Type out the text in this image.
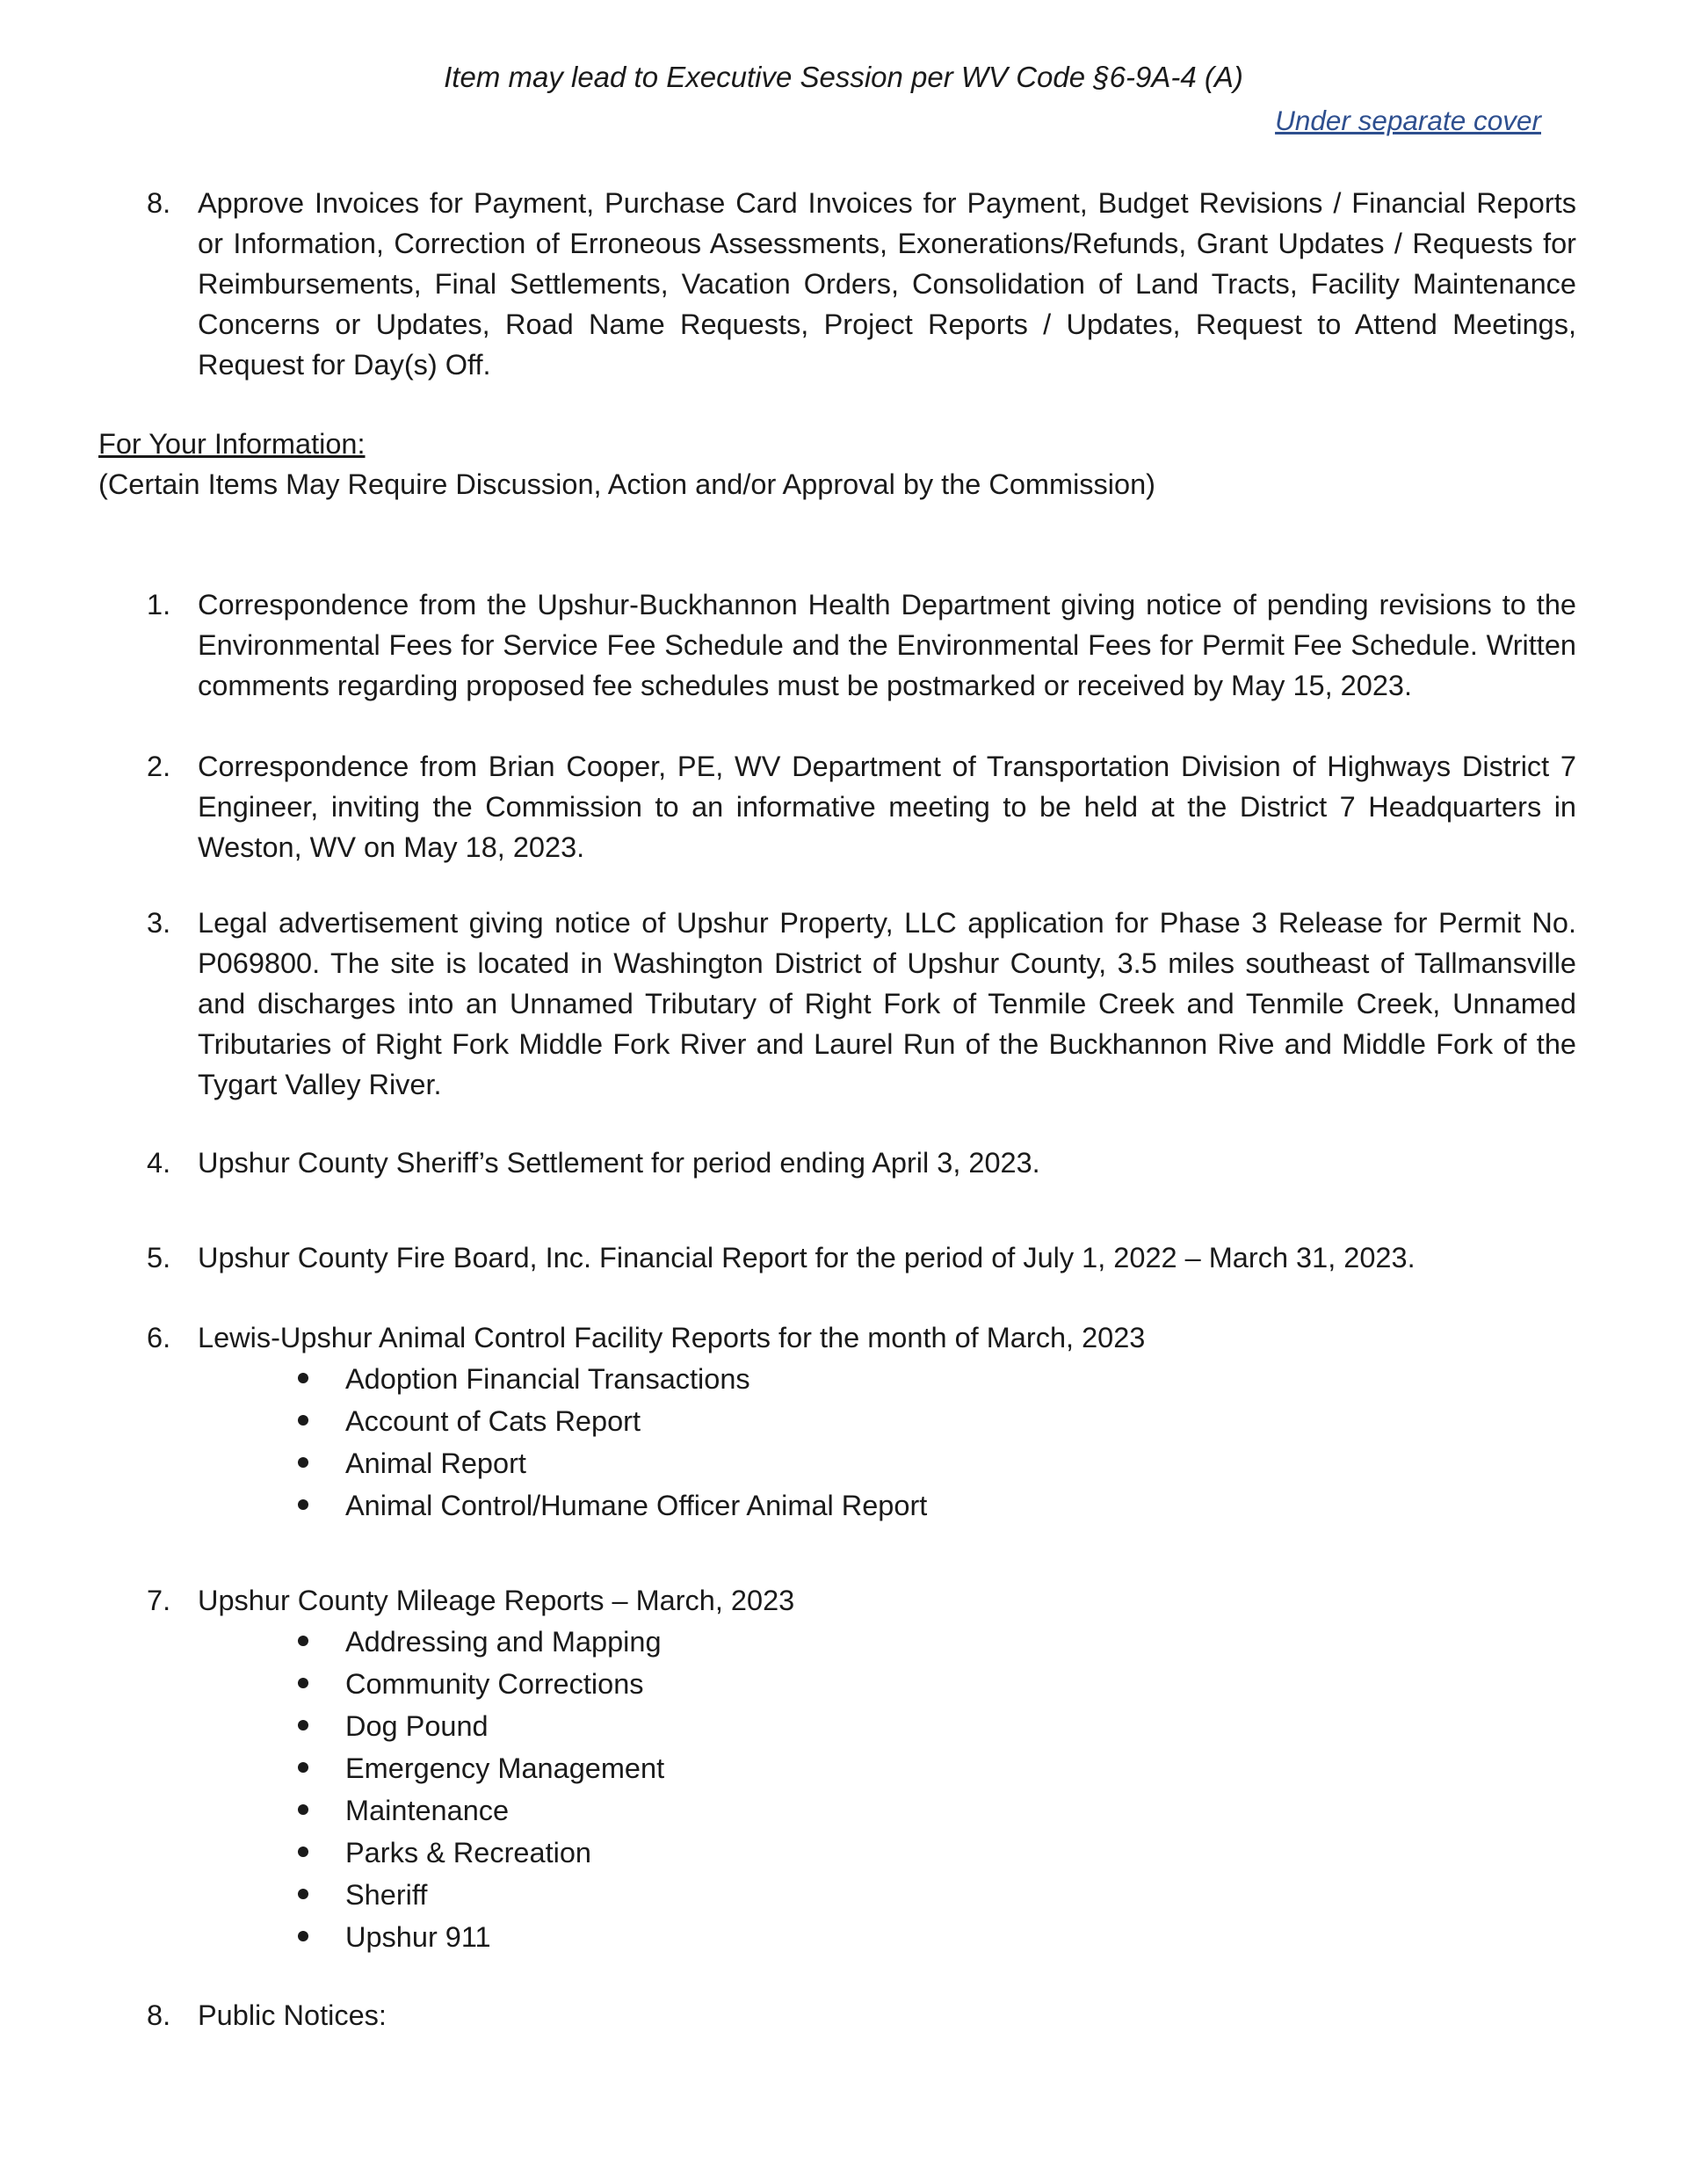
Item may lead to Executive Session per WV Code §6-9A-4 (A)
Under separate cover
8. Approve Invoices for Payment, Purchase Card Invoices for Payment, Budget Revisions / Financial Reports or Information, Correction of Erroneous Assessments, Exonerations/Refunds, Grant Updates / Requests for Reimbursements, Final Settlements, Vacation Orders, Consolidation of Land Tracts, Facility Maintenance Concerns or Updates, Road Name Requests, Project Reports / Updates, Request to Attend Meetings, Request for Day(s) Off.
For Your Information:
(Certain Items May Require Discussion, Action and/or Approval by the Commission)
1. Correspondence from the Upshur-Buckhannon Health Department giving notice of pending revisions to the Environmental Fees for Service Fee Schedule and the Environmental Fees for Permit Fee Schedule. Written comments regarding proposed fee schedules must be postmarked or received by May 15, 2023.
2. Correspondence from Brian Cooper, PE, WV Department of Transportation Division of Highways District 7 Engineer, inviting the Commission to an informative meeting to be held at the District 7 Headquarters in Weston, WV on May 18, 2023.
3. Legal advertisement giving notice of Upshur Property, LLC application for Phase 3 Release for Permit No. P069800. The site is located in Washington District of Upshur County, 3.5 miles southeast of Tallmansville and discharges into an Unnamed Tributary of Right Fork of Tenmile Creek and Tenmile Creek, Unnamed Tributaries of Right Fork Middle Fork River and Laurel Run of the Buckhannon Rive and Middle Fork of the Tygart Valley River.
4. Upshur County Sheriff’s Settlement for period ending April 3, 2023.
5. Upshur County Fire Board, Inc. Financial Report for the period of July 1, 2022 – March 31, 2023.
6. Lewis-Upshur Animal Control Facility Reports for the month of March, 2023
Adoption Financial Transactions
Account of Cats Report
Animal Report
Animal Control/Humane Officer Animal Report
7. Upshur County Mileage Reports – March, 2023
Addressing and Mapping
Community Corrections
Dog Pound
Emergency Management
Maintenance
Parks & Recreation
Sheriff
Upshur 911
8. Public Notices:
